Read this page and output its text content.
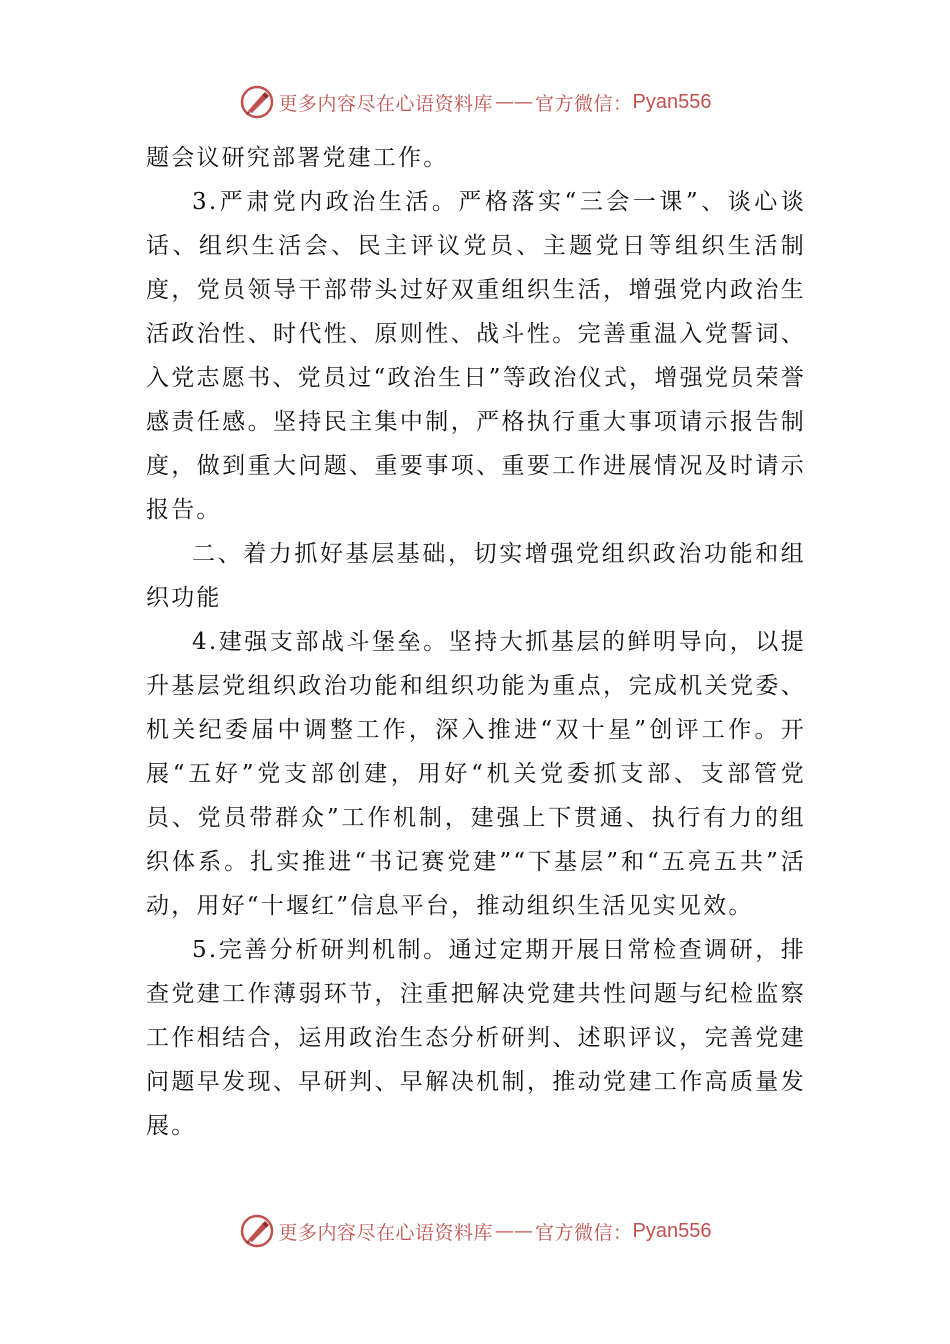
更多内容尽在心语资料库 —— 官方微信： Pyan556

题会议研究部署党建工作。

3.严肃党内政治生活。严格落实“三会一课”、谈心谈话、组织生活会、民主评议党员、主题党日等组织生活制度，党员领导干部带头过好双重组织生活，增强党内政治生活政治性、时代性、原则性、战斗性。完善重温入党誓词、入党志愿书、党员过“政治生日”等政治仪式，增强党员荣誉感责任感。坚持民主集中制，严格执行重大事项请示报告制度，做到重大问题、重要事项、重要工作进展情况及时请示报告。

二、着力抓好基层基础，切实增强党组织政治功能和组织功能

4.建强支部战斗堡垒。坚持大抓基层的鲜明导向，以提升基层党组织政治功能和组织功能为重点，完成机关党委、机关纪委届中调整工作，深入推进“双十星”创评工作。开展“五好”党支部创建，用好“机关党委抓支部、支部管党员、党员带群众”工作机制，建强上下贯通、执行有力的组织体系。扎实推进“书记赛党建”“下基层”和“五亮五共”活动，用好“十堰红”信息平台，推动组织生活见实见效。

5.完善分析研判机制。通过定期开展日常检查调研，排查党建工作薄弱环节，注重把解决党建共性问题与纪检监察工作相结合，运用政治生态分析研判、述职评议，完善党建问题早发现、早研判、早解决机制，推动党建工作高质量发展。

更多内容尽在心语资料库 —— 官方微信： Pyan556
